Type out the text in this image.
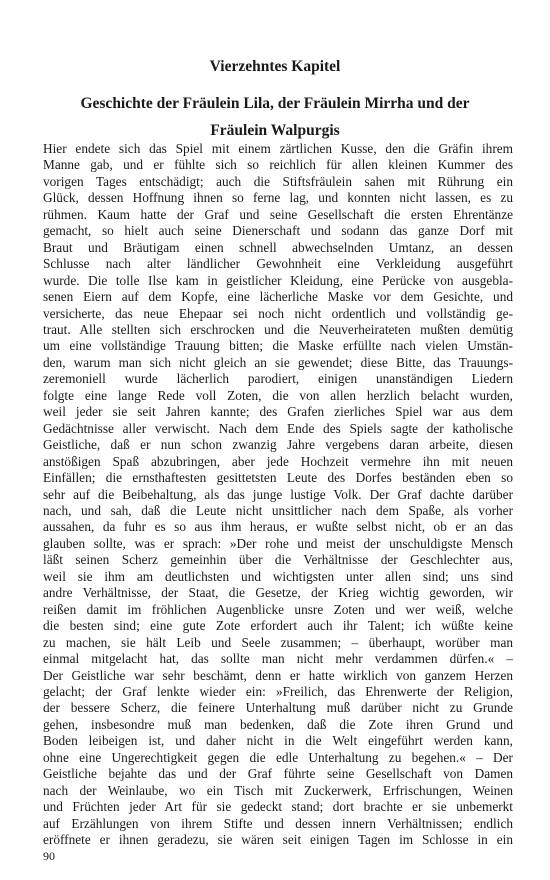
Vierzehntes Kapitel
Geschichte der Fräulein Lila, der Fräulein Mirrha und der
Fräulein Walpurgis
Hier endete sich das Spiel mit einem zärtlichen Kusse, den die Gräfin ihrem
Manne gab, und er fühlte sich so reichlich für allen kleinen Kummer des
vorigen Tages entschädigt; auch die Stiftsfräulein sahen mit Rührung ein
Glück, dessen Hoffnung ihnen so ferne lag, und konnten nicht lassen, es zu
rühmen. Kaum hatte der Graf und seine Gesellschaft die ersten Ehrentänze
gemacht, so hielt auch seine Dienerschaft und sodann das ganze Dorf mit
Braut und Bräutigam einen schnell abwechselnden Umtanz, an dessen
Schlusse nach alter ländlicher Gewohnheit eine Verkleidung ausgeführt
wurde. Die tolle Ilse kam in geistlicher Kleidung, eine Perücke von ausgebla-
senen Eiern auf dem Kopfe, eine lächerliche Maske vor dem Gesichte, und
versicherte, das neue Ehepaar sei noch nicht ordentlich und vollständig ge-
traut. Alle stellten sich erschrocken und die Neuverheirateten mußten demütig
um eine vollständige Trauung bitten; die Maske erfüllte nach vielen Umstän-
den, warum man sich nicht gleich an sie gewendet; diese Bitte, das Trauungs-
zeremoniell wurde lächerlich parodiert, einigen unanständigen Liedern
folgte eine lange Rede voll Zoten, die von allen herzlich belacht wurden,
weil jeder sie seit Jahren kannte; des Grafen zierliches Spiel war aus dem
Gedächtnisse aller verwischt. Nach dem Ende des Spiels sagte der katholische
Geistliche, daß er nun schon zwanzig Jahre vergebens daran arbeite, diesen
anstößigen Spaß abzubringen, aber jede Hochzeit vermehre ihn mit neuen
Einfällen; die ernsthaftesten gesittetsten Leute des Dorfes beständen eben so
sehr auf die Beibehaltung, als das junge lustige Volk. Der Graf dachte darüber
nach, und sah, daß die Leute nicht unsittlicher nach dem Spaße, als vorher
aussahen, da fuhr es so aus ihm heraus, er wußte selbst nicht, ob er an das
glauben sollte, was er sprach: »Der rohe und meist der unschuldigste Mensch
läßt seinen Scherz gemeinhin über die Verhältnisse der Geschlechter aus,
weil sie ihm am deutlichsten und wichtigsten unter allen sind; uns sind
andre Verhältnisse, der Staat, die Gesetze, der Krieg wichtig geworden, wir
reißen damit im fröhlichen Augenblicke unsre Zoten und wer weiß, welche
die besten sind; eine gute Zote erfordert auch ihr Talent; ich wüßte keine
zu machen, sie hält Leib und Seele zusammen; – überhaupt, worüber man
einmal mitgelacht hat, das sollte man nicht mehr verdammen dürfen.« –
Der Geistliche war sehr beschämt, denn er hatte wirklich von ganzem Herzen
gelacht; der Graf lenkte wieder ein: »Freilich, das Ehrenwerte der Religion,
der bessere Scherz, die feinere Unterhaltung muß darüber nicht zu Grunde
gehen, insbesondre muß man bedenken, daß die Zote ihren Grund und
Boden leibeigen ist, und daher nicht in die Welt eingeführt werden kann,
ohne eine Ungerechtigkeit gegen die edle Unterhaltung zu begehen.« – Der
Geistliche bejahte das und der Graf führte seine Gesellschaft von Damen
nach der Weinlaube, wo ein Tisch mit Zuckerwerk, Erfrischungen, Weinen
und Früchten jeder Art für sie gedeckt stand; dort brachte er sie unbemerkt
auf Erzählungen von ihrem Stifte und dessen innern Verhältnissen; endlich
eröffnete er ihnen geradezu, sie wären seit einigen Tagen im Schlosse in ein
90
